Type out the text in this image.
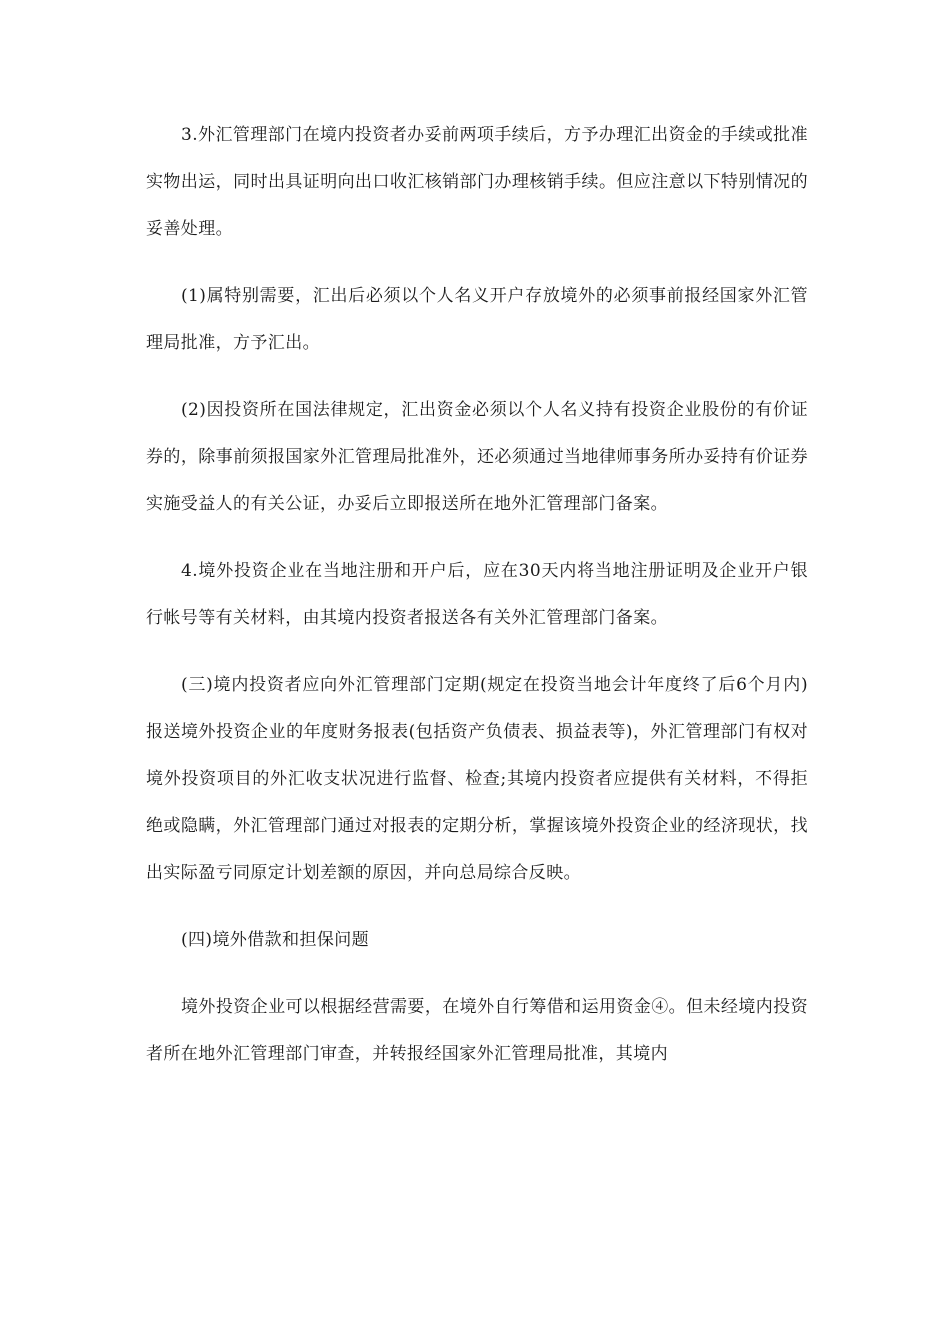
3.外汇管理部门在境内投资者办妥前两项手续后，方予办理汇出资金的手续或批准实物出运，同时出具证明向出口收汇核销部门办理核销手续。但应注意以下特别情况的妥善处理。

(1)属特别需要，汇出后必须以个人名义开户存放境外的必须事前报经国家外汇管理局批准，方予汇出。

(2)因投资所在国法律规定，汇出资金必须以个人名义持有投资企业股份的有价证券的，除事前须报国家外汇管理局批准外，还必须通过当地律师事务所办妥持有价证券实施受益人的有关公证，办妥后立即报送所在地外汇管理部门备案。

4.境外投资企业在当地注册和开户后，应在30天内将当地注册证明及企业开户银行帐号等有关材料，由其境内投资者报送各有关外汇管理部门备案。

(三)境内投资者应向外汇管理部门定期(规定在投资当地会计年度终了后6个月内)报送境外投资企业的年度财务报表(包括资产负债表、损益表等)，外汇管理部门有权对境外投资项目的外汇收支状况进行监督、检查;其境内投资者应提供有关材料，不得拒绝或隐瞒，外汇管理部门通过对报表的定期分析，掌握该境外投资企业的经济现状，找出实际盈亏同原定计划差额的原因，并向总局综合反映。

(四)境外借款和担保问题

境外投资企业可以根据经营需要，在境外自行筹借和运用资金④。但未经境内投资者所在地外汇管理部门审查，并转报经国家外汇管理局批准，其境内
